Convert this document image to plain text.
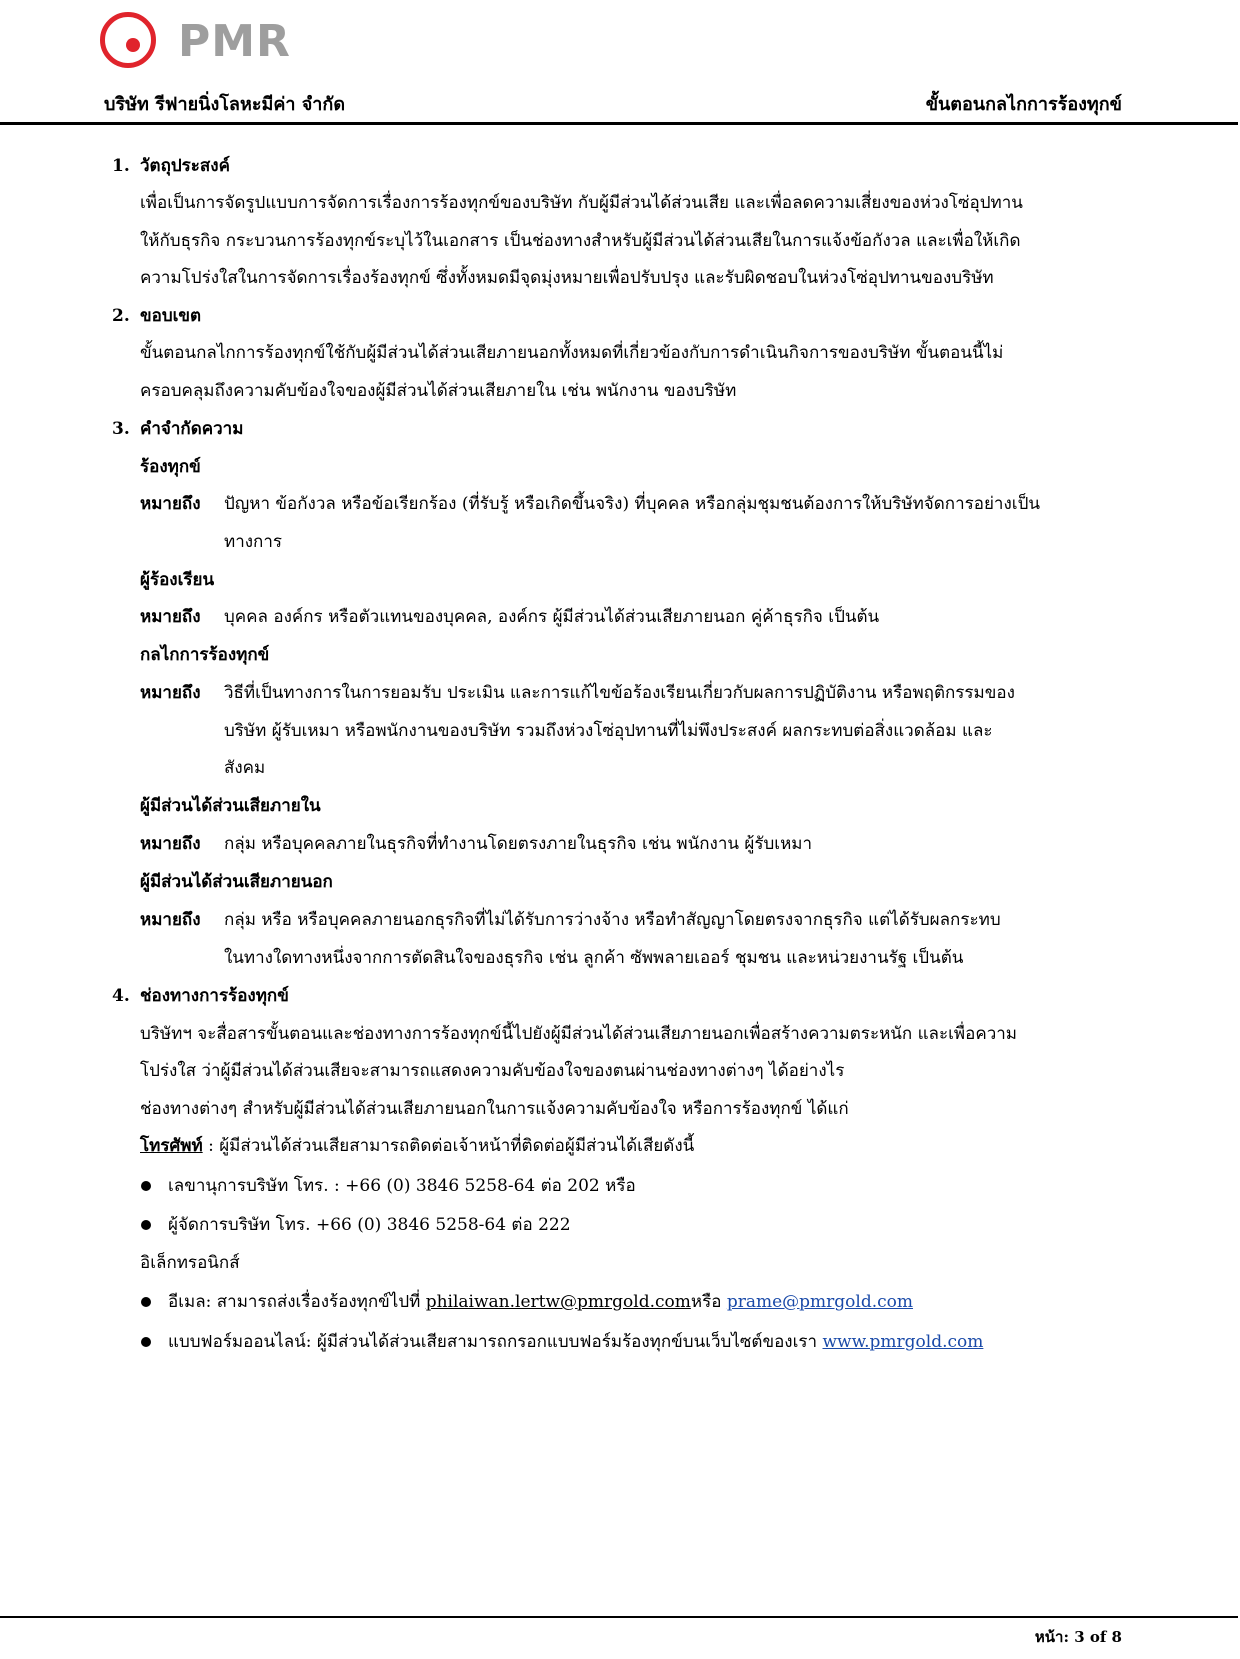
PMR
บริษัท รีฟายนิ่งโลหะมีค่า จำกัด	ขั้นตอนกลไกการร้องทุกข์
1. วัตถุประสงค์
เพื่อเป็นการจัดรูปแบบการจัดการเรื่องการร้องทุกข์ของบริษัท กับผู้มีส่วนได้ส่วนเสีย และเพื่อลดความเสี่ยงของห่วงโซ่อุปทาน
ให้กับธุรกิจ กระบวนการร้องทุกข์ระบุไว้ในเอกสาร เป็นช่องทางสำหรับผู้มีส่วนได้ส่วนเสียในการแจ้งข้อกังวล และเพื่อให้เกิด
ความโปร่งใสในการจัดการเรื่องร้องทุกข์ ซึ่งทั้งหมดมีจุดมุ่งหมายเพื่อปรับปรุง และรับผิดชอบในห่วงโซ่อุปทานของบริษัท
2. ขอบเขต
ขั้นตอนกลไกการร้องทุกข์ใช้กับผู้มีส่วนได้ส่วนเสียภายนอกทั้งหมดที่เกี่ยวข้องกับการดำเนินกิจการของบริษัท ขั้นตอนนี้ไม่
ครอบคลุมถึงความคับข้องใจของผู้มีส่วนได้ส่วนเสียภายใน เช่น พนักงาน ของบริษัท
3. คำจำกัดความ
ร้องทุกข์
หมายถึง ปัญหา ข้อกังวล หรือข้อเรียกร้อง (ที่รับรู้ หรือเกิดขึ้นจริง) ที่บุคคล หรือกลุ่มชุมชนต้องการให้บริษัทจัดการอย่างเป็น
ทางการ
ผู้ร้องเรียน
หมายถึง บุคคล องค์กร หรือตัวแทนของบุคคล, องค์กร ผู้มีส่วนได้ส่วนเสียภายนอก คู่ค้าธุรกิจ เป็นต้น
กลไกการร้องทุกข์
หมายถึง วิธีที่เป็นทางการในการยอมรับ ประเมิน และการแก้ไขข้อร้องเรียนเกี่ยวกับผลการปฏิบัติงาน หรือพฤติกรรมของ
บริษัท ผู้รับเหมา หรือพนักงานของบริษัท รวมถึงห่วงโซ่อุปทานที่ไม่พึงประสงค์ ผลกระทบต่อสิ่งแวดล้อม และ
สังคม
ผู้มีส่วนได้ส่วนเสียภายใน
หมายถึง กลุ่ม หรือบุคคลภายในธุรกิจที่ทำงานโดยตรงภายในธุรกิจ เช่น พนักงาน ผู้รับเหมา
ผู้มีส่วนได้ส่วนเสียภายนอก
หมายถึง กลุ่ม หรือ หรือบุคคลภายนอกธุรกิจที่ไม่ได้รับการว่างจ้าง หรือทำสัญญาโดยตรงจากธุรกิจ แต่ได้รับผลกระทบ
ในทางใดทางหนึ่งจากการตัดสินใจของธุรกิจ เช่น ลูกค้า ซัพพลายเออร์ ชุมชน และหน่วยงานรัฐ เป็นต้น
4. ช่องทางการร้องทุกข์
บริษัทฯ จะสื่อสารขั้นตอนและช่องทางการร้องทุกข์นี้ไปยังผู้มีส่วนได้ส่วนเสียภายนอกเพื่อสร้างความตระหนัก และเพื่อความ
โปร่งใส ว่าผู้มีส่วนได้ส่วนเสียจะสามารถแสดงความคับข้องใจของตนผ่านช่องทางต่างๆ ได้อย่างไร
ช่องทางต่างๆ สำหรับผู้มีส่วนได้ส่วนเสียภายนอกในการแจ้งความคับข้องใจ หรือการร้องทุกข์ ได้แก่
โทรศัพท์ : ผู้มีส่วนได้ส่วนเสียสามารถติดต่อเจ้าหน้าที่ติดต่อผู้มีส่วนได้เสียดังนี้
เลขานุการบริษัท โทร. : +66 (0) 3846 5258-64 ต่อ 202 หรือ
ผู้จัดการบริษัท โทร. +66 (0) 3846 5258-64 ต่อ 222
อิเล็กทรอนิกส์
อีเมล: สามารถส่งเรื่องร้องทุกข์ไปที่ philaiwan.lertw@pmrgold.comหรือ prame@pmrgold.com
แบบฟอร์มออนไลน์: ผู้มีส่วนได้ส่วนเสียสามารถกรอกแบบฟอร์มร้องทุกข์บนเว็บไซต์ของเรา www.pmrgold.com
หน้า: 3 of 8
